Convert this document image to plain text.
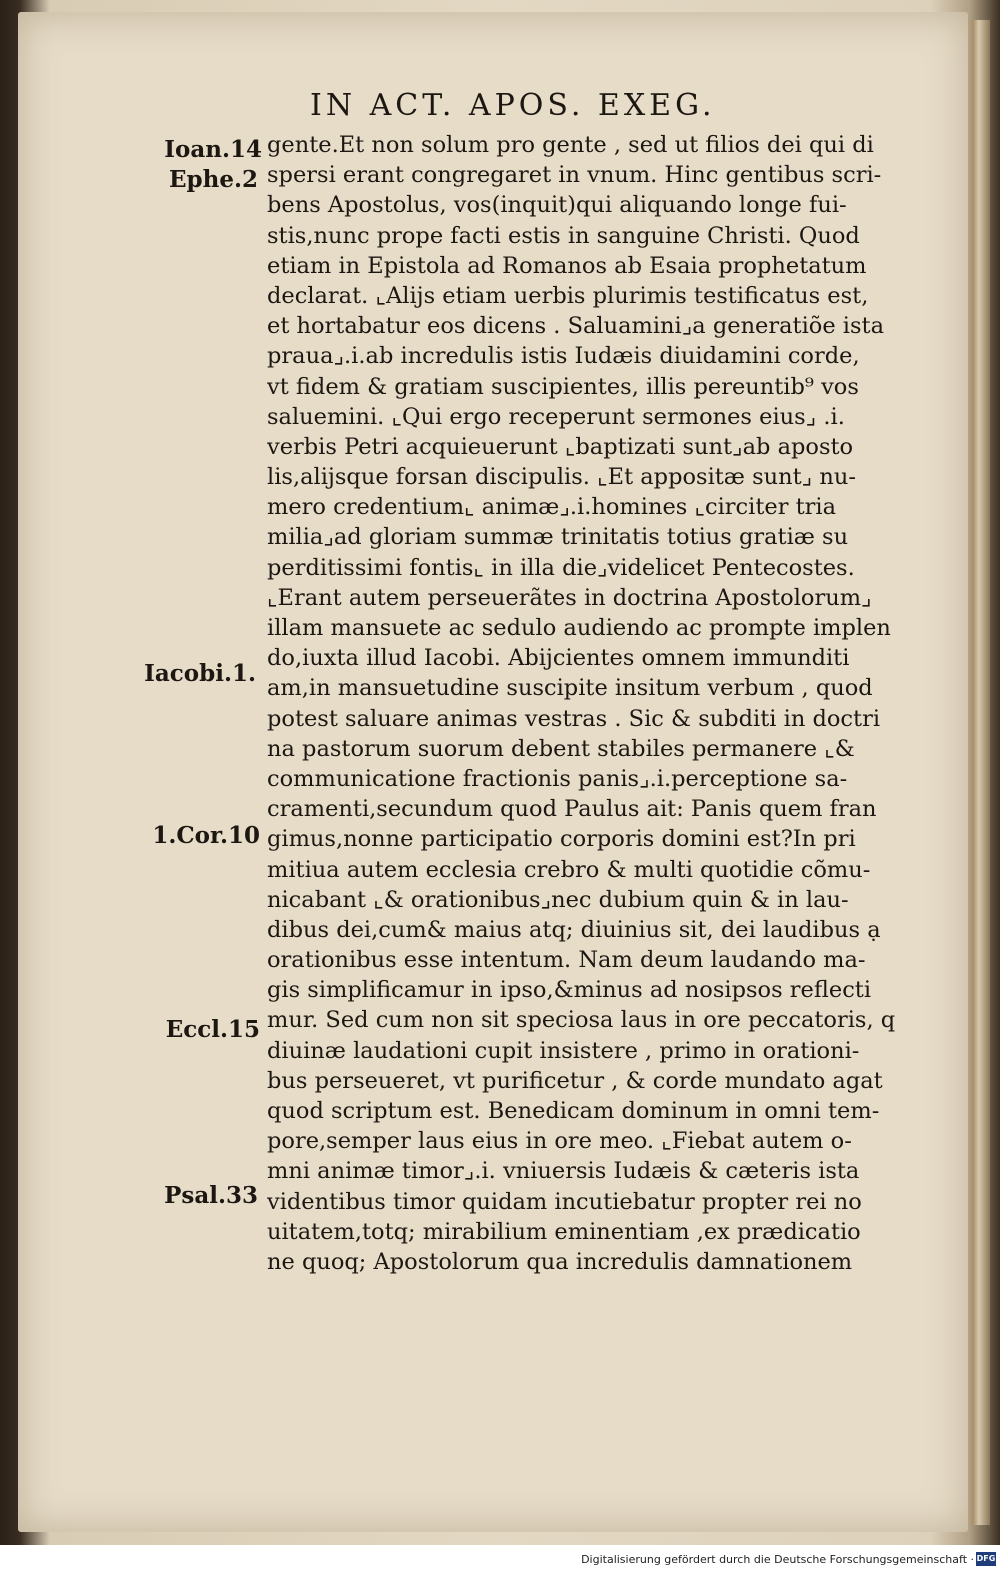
IN ACT. APOS. EXEG.
Ioan.14
Ephe.2
Iacobi.1.
1.Cor.10
Eccl.15
Psal.33
gente.Et non solum pro gente , sed ut filios dei qui di
spersi erant congregaret in vnum. Hinc gentibus scri-
bens Apostolus, vos(inquit)qui aliquando longe fui-
stis,nunc prope facti estis in sanguine Christi. Quod
etiam in Epistola ad Romanos ab Esaia prophetatum
declarat. ⌞Alijs etiam uerbis plurimis testificatus est,
et hortabatur eos dicens . Saluamini⌟a generatiõe ista
praua⌟.i.ab incredulis istis Iudæis diuidamini corde,
vt fidem & gratiam suscipientes, illis pereuntib⁹ vos
saluemini. ⌞Qui ergo receperunt sermones eius⌟ .i.
verbis Petri acquieuerunt ⌞baptizati sunt⌟ab aposto
lis,alijsque forsan discipulis. ⌞Et appositæ sunt⌟ nu-
mero credentium⌞ animæ⌟.i.homines ⌞circiter tria
milia⌟ad gloriam summæ trinitatis totius gratiæ su
perditissimi fontis⌞ in illa die⌟videlicet Pentecostes.
⌞Erant autem perseuerãtes in doctrina Apostolorum⌟
illam mansuete ac sedulo audiendo ac prompte implen
do,iuxta illud Iacobi. Abijcientes omnem immunditi
am,in mansuetudine suscipite insitum verbum , quod
potest saluare animas vestras . Sic & subditi in doctri
na pastorum suorum debent stabiles permanere ⌞&
communicatione fractionis panis⌟.i.perceptione sa-
cramenti,secundum quod Paulus ait: Panis quem fran
gimus,nonne participatio corporis domini est?In pri
mitiua autem ecclesia crebro & multi quotidie cõmu-
nicabant ⌞& orationibus⌟nec dubium quin & in lau-
dibus dei,cum& maius atq; diuinius sit, dei laudibus ạ
orationibus esse intentum. Nam deum laudando ma-
gis simplificamur in ipso,&minus ad nosipsos reflecti
mur. Sed cum non sit speciosa laus in ore peccatoris, q
diuinæ laudationi cupit insistere , primo in orationi-
bus perseueret, vt purificetur , & corde mundato agat
quod scriptum est. Benedicam dominum in omni tem-
pore,semper laus eius in ore meo. ⌞Fiebat autem o-
mni animæ timor⌟.i. vniuersis Iudæis & cæteris ista
videntibus timor quidam incutiebatur propter rei no
uitatem,totq; mirabilium eminentiam ,ex prædicatio
ne quoq; Apostolorum qua incredulis damnationem
Digitalisierung gefördert durch die Deutsche Forschungsgemeinschaft · DFG
